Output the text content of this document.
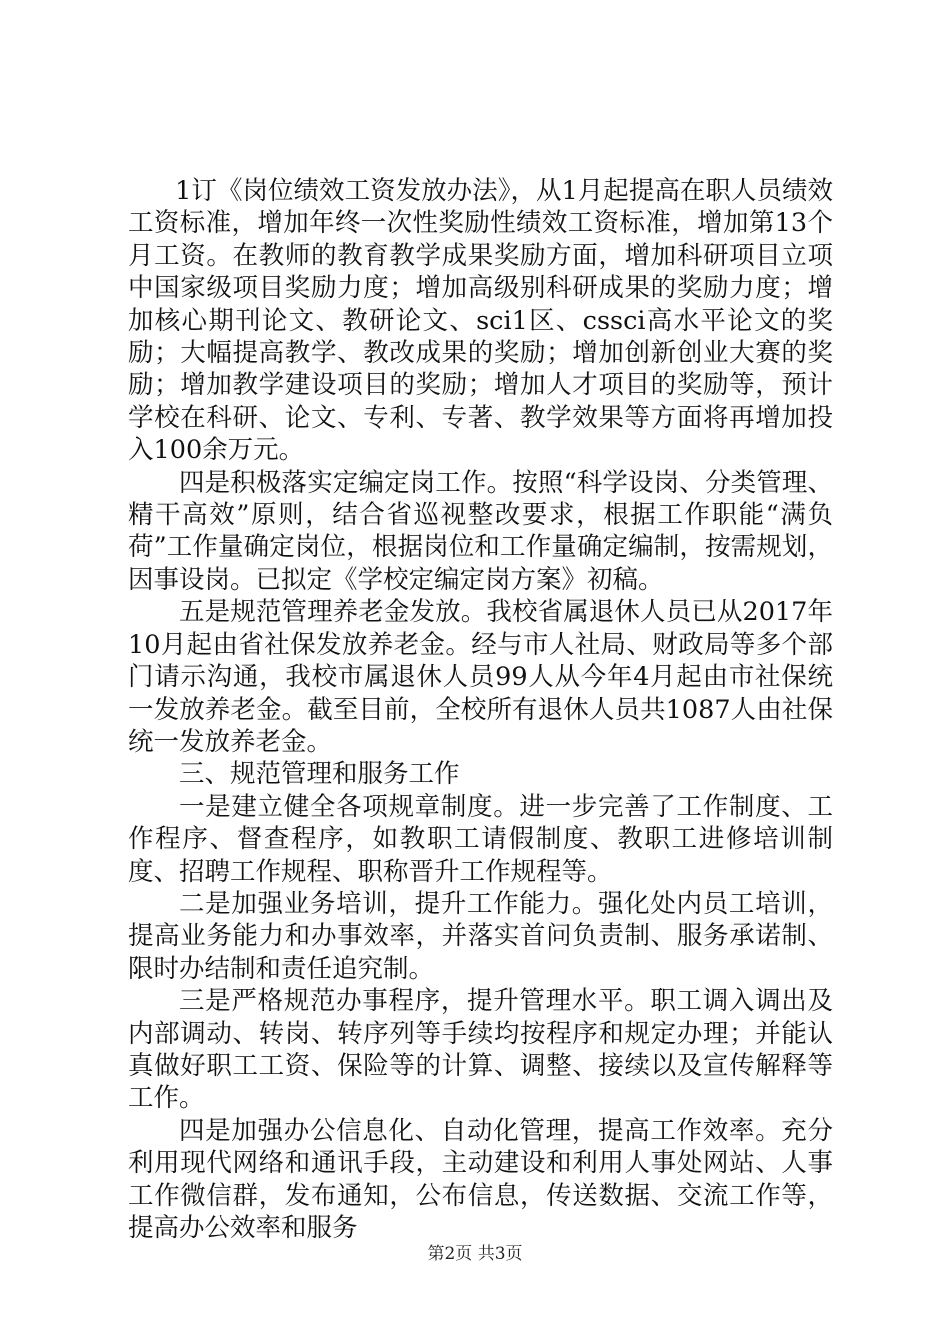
1订《岗位绩效工资发放办法》，从1月起提高在职人员绩效工资标准，增加年终一次性奖励性绩效工资标准，增加第13个月工资。在教师的教育教学成果奖励方面，增加科研项目立项中国家级项目奖励力度；增加高级别科研成果的奖励力度；增加核心期刊论文、教研论文、sci1区、cssci高水平论文的奖励；大幅提高教学、教改成果的奖励；增加创新创业大赛的奖励；增加教学建设项目的奖励；增加人才项目的奖励等，预计学校在科研、论文、专利、专著、教学效果等方面将再增加投入100余万元。

四是积极落实定编定岗工作。按照“科学设岗、分类管理、精干高效”原则，结合省巡视整改要求，根据工作职能“满负荷”工作量确定岗位，根据岗位和工作量确定编制，按需规划，因事设岗。已拟定《学校定编定岗方案》初稿。

五是规范管理养老金发放。我校省属退休人员已从2017年10月起由省社保发放养老金。经与市人社局、财政局等多个部门请示沟通，我校市属退休人员99人从今年4月起由市社保统一发放养老金。截至目前，全校所有退休人员共1087人由社保统一发放养老金。

三、规范管理和服务工作

一是建立健全各项规章制度。进一步完善了工作制度、工作程序、督查程序，如教职工请假制度、教职工进修培训制度、招聘工作规程、职称晋升工作规程等。

二是加强业务培训，提升工作能力。强化处内员工培训，提高业务能力和办事效率，并落实首问负责制、服务承诺制、限时办结制和责任追究制。

三是严格规范办事程序，提升管理水平。职工调入调出及内部调动、转岗、转序列等手续均按程序和规定办理；并能认真做好职工工资、保险等的计算、调整、接续以及宣传解释等工作。

四是加强办公信息化、自动化管理，提高工作效率。充分利用现代网络和通讯手段，主动建设和利用人事处网站、人事工作微信群，发布通知，公布信息，传送数据、交流工作等，提高办公效率和服务

第2页 共3页
